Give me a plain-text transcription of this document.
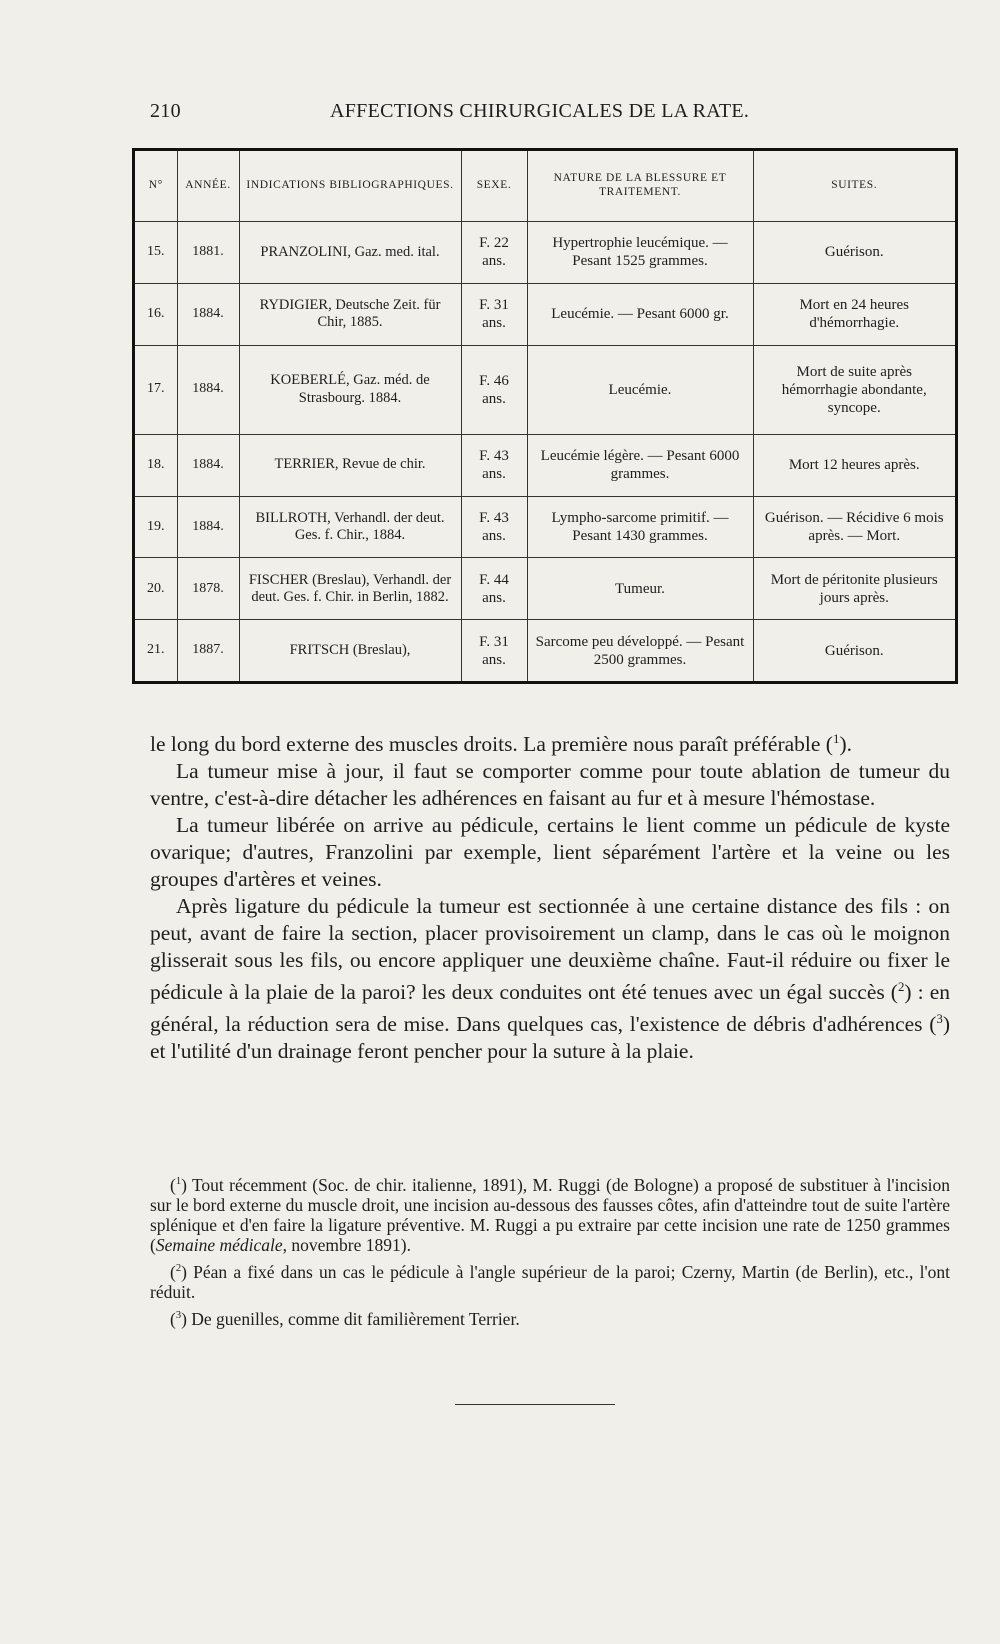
210	AFFECTIONS CHIRURGICALES DE LA RATE.
N°	ANNÉE.	INDICATIONS BIBLIOGRAPHIQUES.	SEXE.	NATURE DE LA BLESSURE ET TRAITEMENT.	SUITES.
15.	1881.	PRANZOLINI, Gaz. med. ital.	F. 22 ans.	Hypertrophie leucémique. — Pesant 1525 grammes.	Guérison.
16.	1884.	RYDIGIER, Deutsche Zeit. für Chir, 1885.	F. 31 ans.	Leucémie. — Pesant 6000 gr.	Mort en 24 heures d'hémorrhagie.
17.	1884.	KOEBERLÉ, Gaz. méd. de Strasbourg. 1884.	F. 46 ans.	Leucémie.	Mort de suite après hémorrhagie abondante, syncope.
18.	1884.	TERRIER, Revue de chir.	F. 43 ans.	Leucémie légère. — Pesant 6000 grammes.	Mort 12 heures après.
19.	1884.	BILLROTH, Verhandl. der deut. Ges. f. Chir., 1884.	F. 43 ans.	Lympho-sarcome primitif. — Pesant 1430 grammes.	Guérison. — Récidive 6 mois après. — Mort.
20.	1878.	FISCHER (Breslau), Verhandl. der deut. Ges. f. Chir. in Berlin, 1882.	F. 44 ans.	Tumeur.	Mort de péritonite plusieurs jours après.
21.	1887.	FRITSCH (Breslau),	F. 31 ans.	Sarcome peu développé. — Pesant 2500 grammes.	Guérison.

le long du bord externe des muscles droits. La première nous paraît préférable ($^1$).

La tumeur mise à jour, il faut se comporter comme pour toute ablation de tumeur du ventre, c'est-à-dire détacher les adhérences en faisant au fur et à mesure l'hémostase.

La tumeur libérée on arrive au pédicule, certains le lient comme un pédicule de kyste ovarique; d'autres, Franzolini par exemple, lient séparément l'artère et la veine ou les groupes d'artères et veines.

Après ligature du pédicule la tumeur est sectionnée à une certaine distance des fils : on peut, avant de faire la section, placer provisoirement un clamp, dans le cas où le moignon glisserait sous les fils, ou encore appliquer une deuxième chaîne. Faut-il réduire ou fixer le pédicule à la plaie de la paroi? les deux conduites ont été tenues avec un égal succès ($^2$) : en général, la réduction sera de mise. Dans quelques cas, l'existence de débris d'adhérences ($^3$) et l'utilité d'un drainage feront pencher pour la suture à la plaie.

($^1$) Tout récemment (Soc. de chir. italienne, 1891), M. Ruggi (de Bologne) a proposé de substituer à l'incision sur le bord externe du muscle droit, une incision au-dessous des fausses côtes, afin d'atteindre tout de suite l'artère splénique et d'en faire la ligature préventive. M. Ruggi a pu extraire par cette incision une rate de 1250 grammes (Semaine médicale, novembre 1891).

($^2$) Péan a fixé dans un cas le pédicule à l'angle supérieur de la paroi; Czerny, Martin (de Berlin), etc., l'ont réduit.

($^3$) De guenilles, comme dit familièrement Terrier.
